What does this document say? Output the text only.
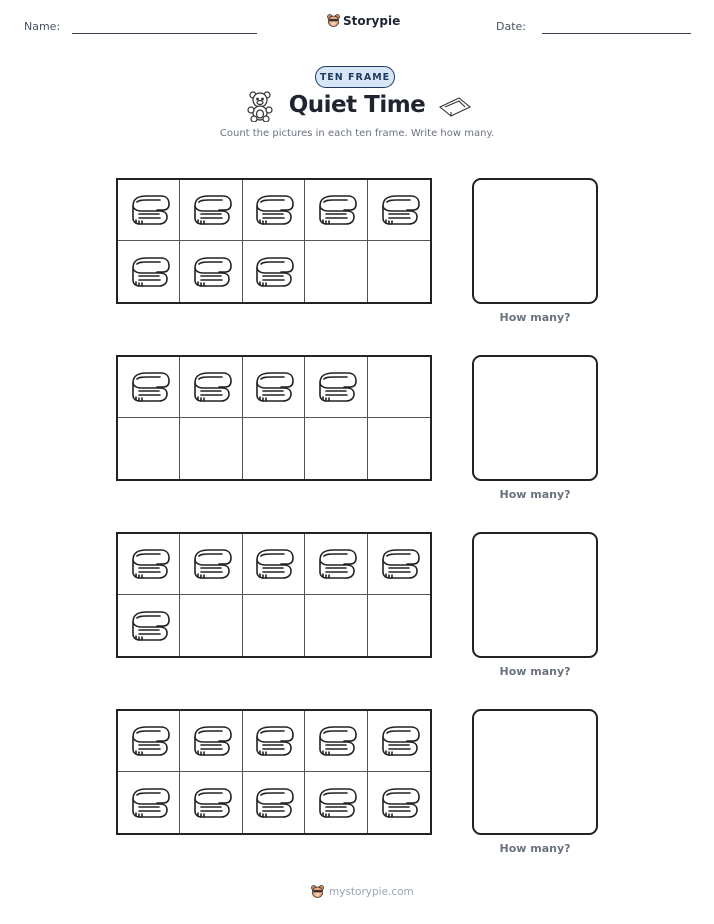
Name:	Storypie	Date:
TEN FRAME
Quiet Time
Count the pictures in each ten frame. Write how many.
How many?
How many?
How many?
How many?
mystorypie.com
